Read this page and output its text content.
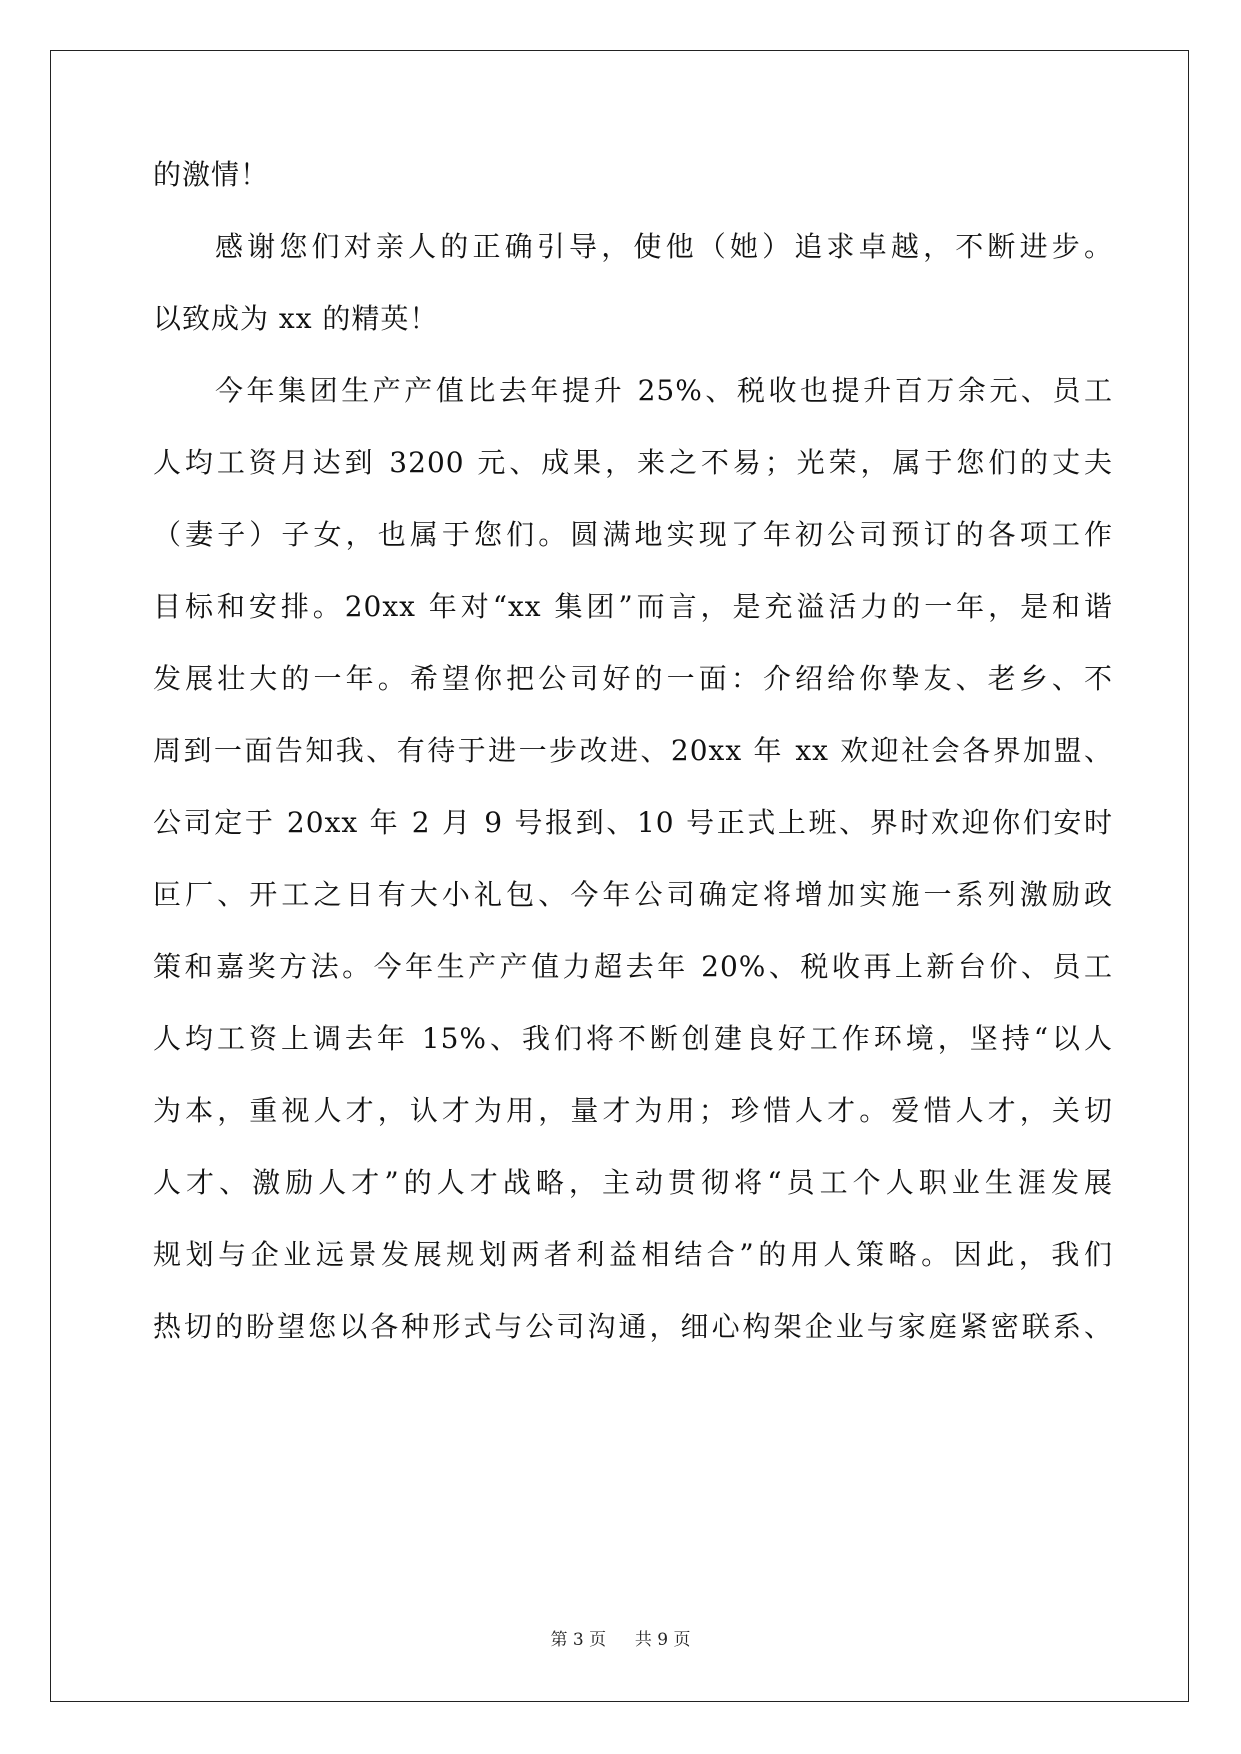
的激情！
感谢您们对亲人的正确引导，使他（她）追求卓越，不断进步。
以致成为 xx 的精英！
今年集团生产产值比去年提升 25%、税收也提升百万余元、员工
人均工资月达到 3200 元、成果，来之不易；光荣，属于您们的丈夫
（妻子）子女，也属于您们。圆满地实现了年初公司预订的各项工作
目标和安排。20xx 年对“xx 集团”而言，是充溢活力的一年，是和谐
发展壮大的一年。希望你把公司好的一面：介绍给你挚友、老乡、不
周到一面告知我、有待于进一步改进、20xx 年 xx 欢迎社会各界加盟、
公司定于 20xx 年 2 月 9 号报到、10 号正式上班、界时欢迎你们安时
叵厂、开工之日有大小礼包、今年公司确定将增加实施一系列激励政
策和嘉奖方法。今年生产产值力超去年 20%、税收再上新台价、员工
人均工资上调去年 15%、我们将不断创建良好工作环境，坚持“以人
为本，重视人才，认才为用，量才为用；珍惜人才。爱惜人才，关切
人才、激励人才”的人才战略，主动贯彻将“员工个人职业生涯发展
规划与企业远景发展规划两者利益相结合”的用人策略。因此，我们
热切的盼望您以各种形式与公司沟通，细心构架企业与家庭紧密联系、
第 3 页 共 9 页
